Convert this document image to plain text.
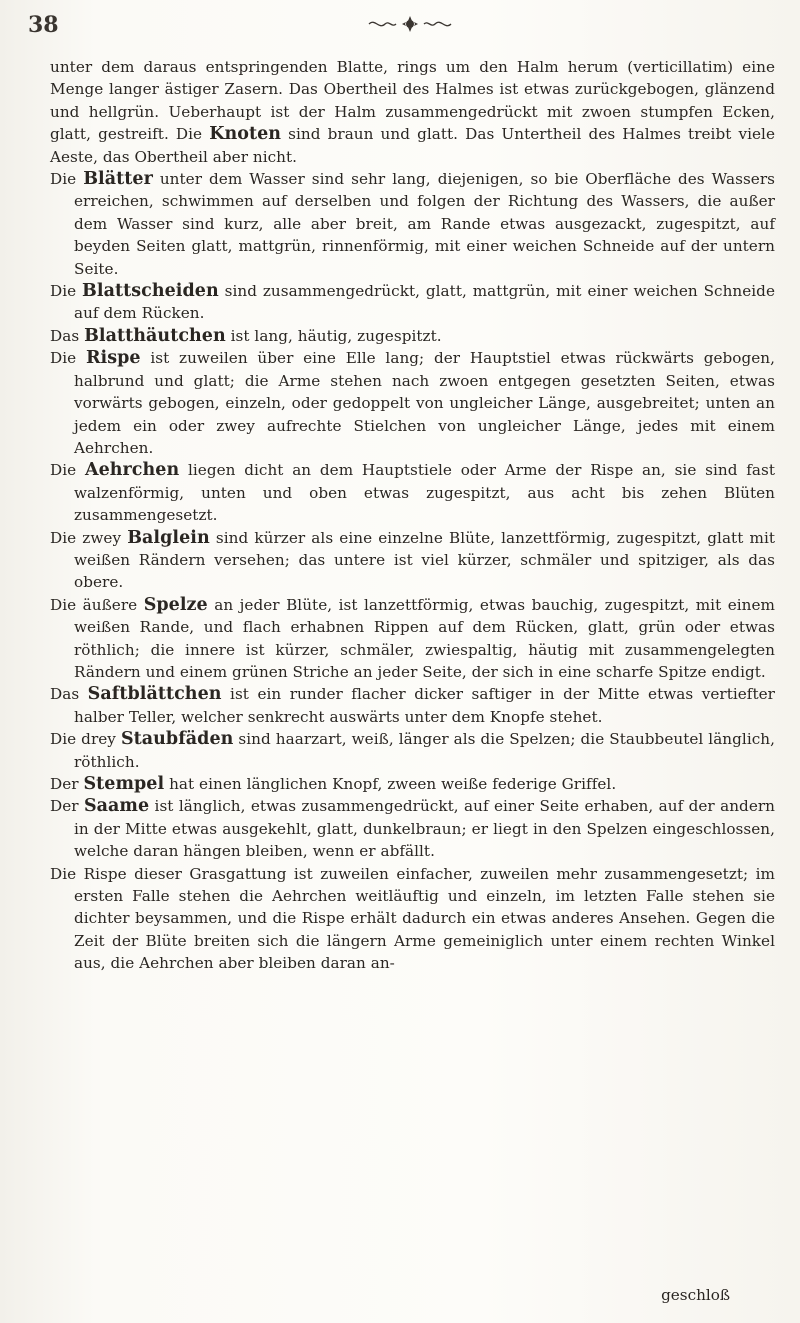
38

unter dem daraus entspringenden Blatte, rings um den Halm herum (verticillatim) eine Menge langer ästiger Zasern. Das Obertheil des Halmes ist etwas zurückgebogen, glänzend und hellgrün. Ueberhaupt ist der Halm zusammengedrückt mit zwoen stumpfen Ecken, glatt, gestreift. Die Knoten sind braun und glatt. Das Untertheil des Halmes treibt viele Aeste, das Obertheil aber nicht.

Die Blätter unter dem Wasser sind sehr lang, diejenigen, so bie Oberfläche des Wassers erreichen, schwimmen auf derselben und folgen der Richtung des Wassers, die außer dem Wasser sind kurz, alle aber breit, am Rande etwas ausgezackt, zugespitzt, auf beyden Seiten glatt, mattgrün, rinnenförmig, mit einer weichen Schneide auf der untern Seite.

Die Blattscheiden sind zusammengedrückt, glatt, mattgrün, mit einer weichen Schneide auf dem Rücken.

Das Blatthäutchen ist lang, häutig, zugespitzt.

Die Rispe ist zuweilen über eine Elle lang; der Hauptstiel etwas rückwärts gebogen, halbrund und glatt; die Arme stehen nach zwoen entgegen gesetzten Seiten, etwas vorwärts gebogen, einzeln, oder gedoppelt von ungleicher Länge, ausgebreitet; unten an jedem ein oder zwey aufrechte Stielchen von ungleicher Länge, jedes mit einem Aehrchen.

Die Aehrchen liegen dicht an dem Hauptstiele oder Arme der Rispe an, sie sind fast walzenförmig, unten und oben etwas zugespitzt, aus acht bis zehen Blüten zusammengesetzt.

Die zwey Balglein sind kürzer als eine einzelne Blüte, lanzettförmig, zugespitzt, glatt mit weißen Rändern versehen; das untere ist viel kürzer, schmäler und spitziger, als das obere.

Die äußere Spelze an jeder Blüte, ist lanzettförmig, etwas bauchig, zugespitzt, mit einem weißen Rande, und flach erhabnen Rippen auf dem Rücken, glatt, grün oder etwas röthlich; die innere ist kürzer, schmäler, zwiespaltig, häutig mit zusammengelegten Rändern und einem grünen Striche an jeder Seite, der sich in eine scharfe Spitze endigt.

Das Saftblättchen ist ein runder flacher dicker saftiger in der Mitte etwas vertiefter halber Teller, welcher senkrecht auswärts unter dem Knopfe stehet.

Die drey Staubfäden sind haarzart, weiß, länger als die Spelzen; die Staubbeutel länglich, röthlich.

Der Stempel hat einen länglichen Knopf, zween weiße federige Griffel.

Der Saame ist länglich, etwas zusammengedrückt, auf einer Seite erhaben, auf der andern in der Mitte etwas ausgekehlt, glatt, dunkelbraun; er liegt in den Spelzen eingeschlossen, welche daran hängen bleiben, wenn er abfällt.

Die Rispe dieser Grasgattung ist zuweilen einfacher, zuweilen mehr zusammengesetzt; im ersten Falle stehen die Aehrchen weitläuftig und einzeln, im letzten Falle stehen sie dichter beysammen, und die Rispe erhält dadurch ein etwas anderes Ansehen. Gegen die Zeit der Blüte breiten sich die längern Arme gemeiniglich unter einem rechten Winkel aus, die Aehrchen aber bleiben daran an-

geschloß
